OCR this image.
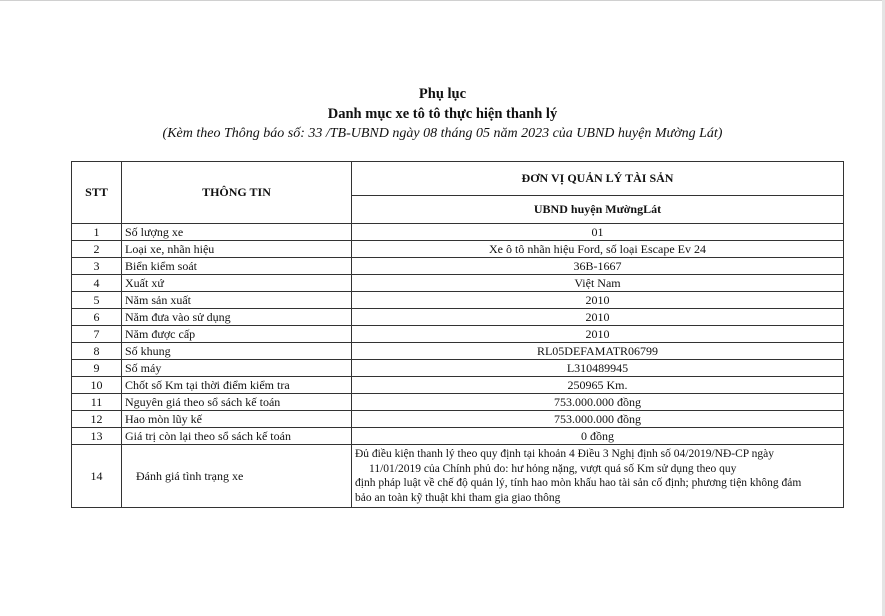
Phụ lục
Danh mục xe tô tô thực hiện thanh lý
(Kèm theo Thông báo số: 33 /TB-UBND ngày 08 tháng 05 năm 2023 của UBND huyện Mường Lát)
STT	THÔNG TIN	ĐƠN VỊ QUẢN LÝ TÀI SẢN
		UBND huyện MườngLát
1	Số lượng xe	01
2	Loại xe, nhãn hiệu	Xe ô tô nhãn hiệu Ford, số loại Escape Ev 24
3	Biển kiểm soát	36B-1667
4	Xuất xứ	Việt Nam
5	Năm sản xuất	2010
6	Năm đưa vào sử dụng	2010
7	Năm được cấp	2010
8	Số khung	RL05DEFAMATR06799
9	Số máy	L310489945
10	Chốt số Km tại thời điểm kiểm tra	250965 Km.
11	Nguyên giá theo sổ sách kế toán	753.000.000 đồng
12	Hao mòn lũy kế	753.000.000 đồng
13	Giá trị còn lại theo sổ sách kế toán	0 đồng
14	Đánh giá tình trạng xe	Đủ điều kiện thanh lý theo quy định tại khoản 4 Điều 3 Nghị định số 04/2019/NĐ-CP ngày
11/01/2019 của Chính phủ do: hư hỏng nặng, vượt quá số Km sử dụng theo quy
định pháp luật về chế độ quản lý, tính hao mòn khấu hao tài sản cố định; phương tiện không đảm
bảo an toàn kỹ thuật khi tham gia giao thông
